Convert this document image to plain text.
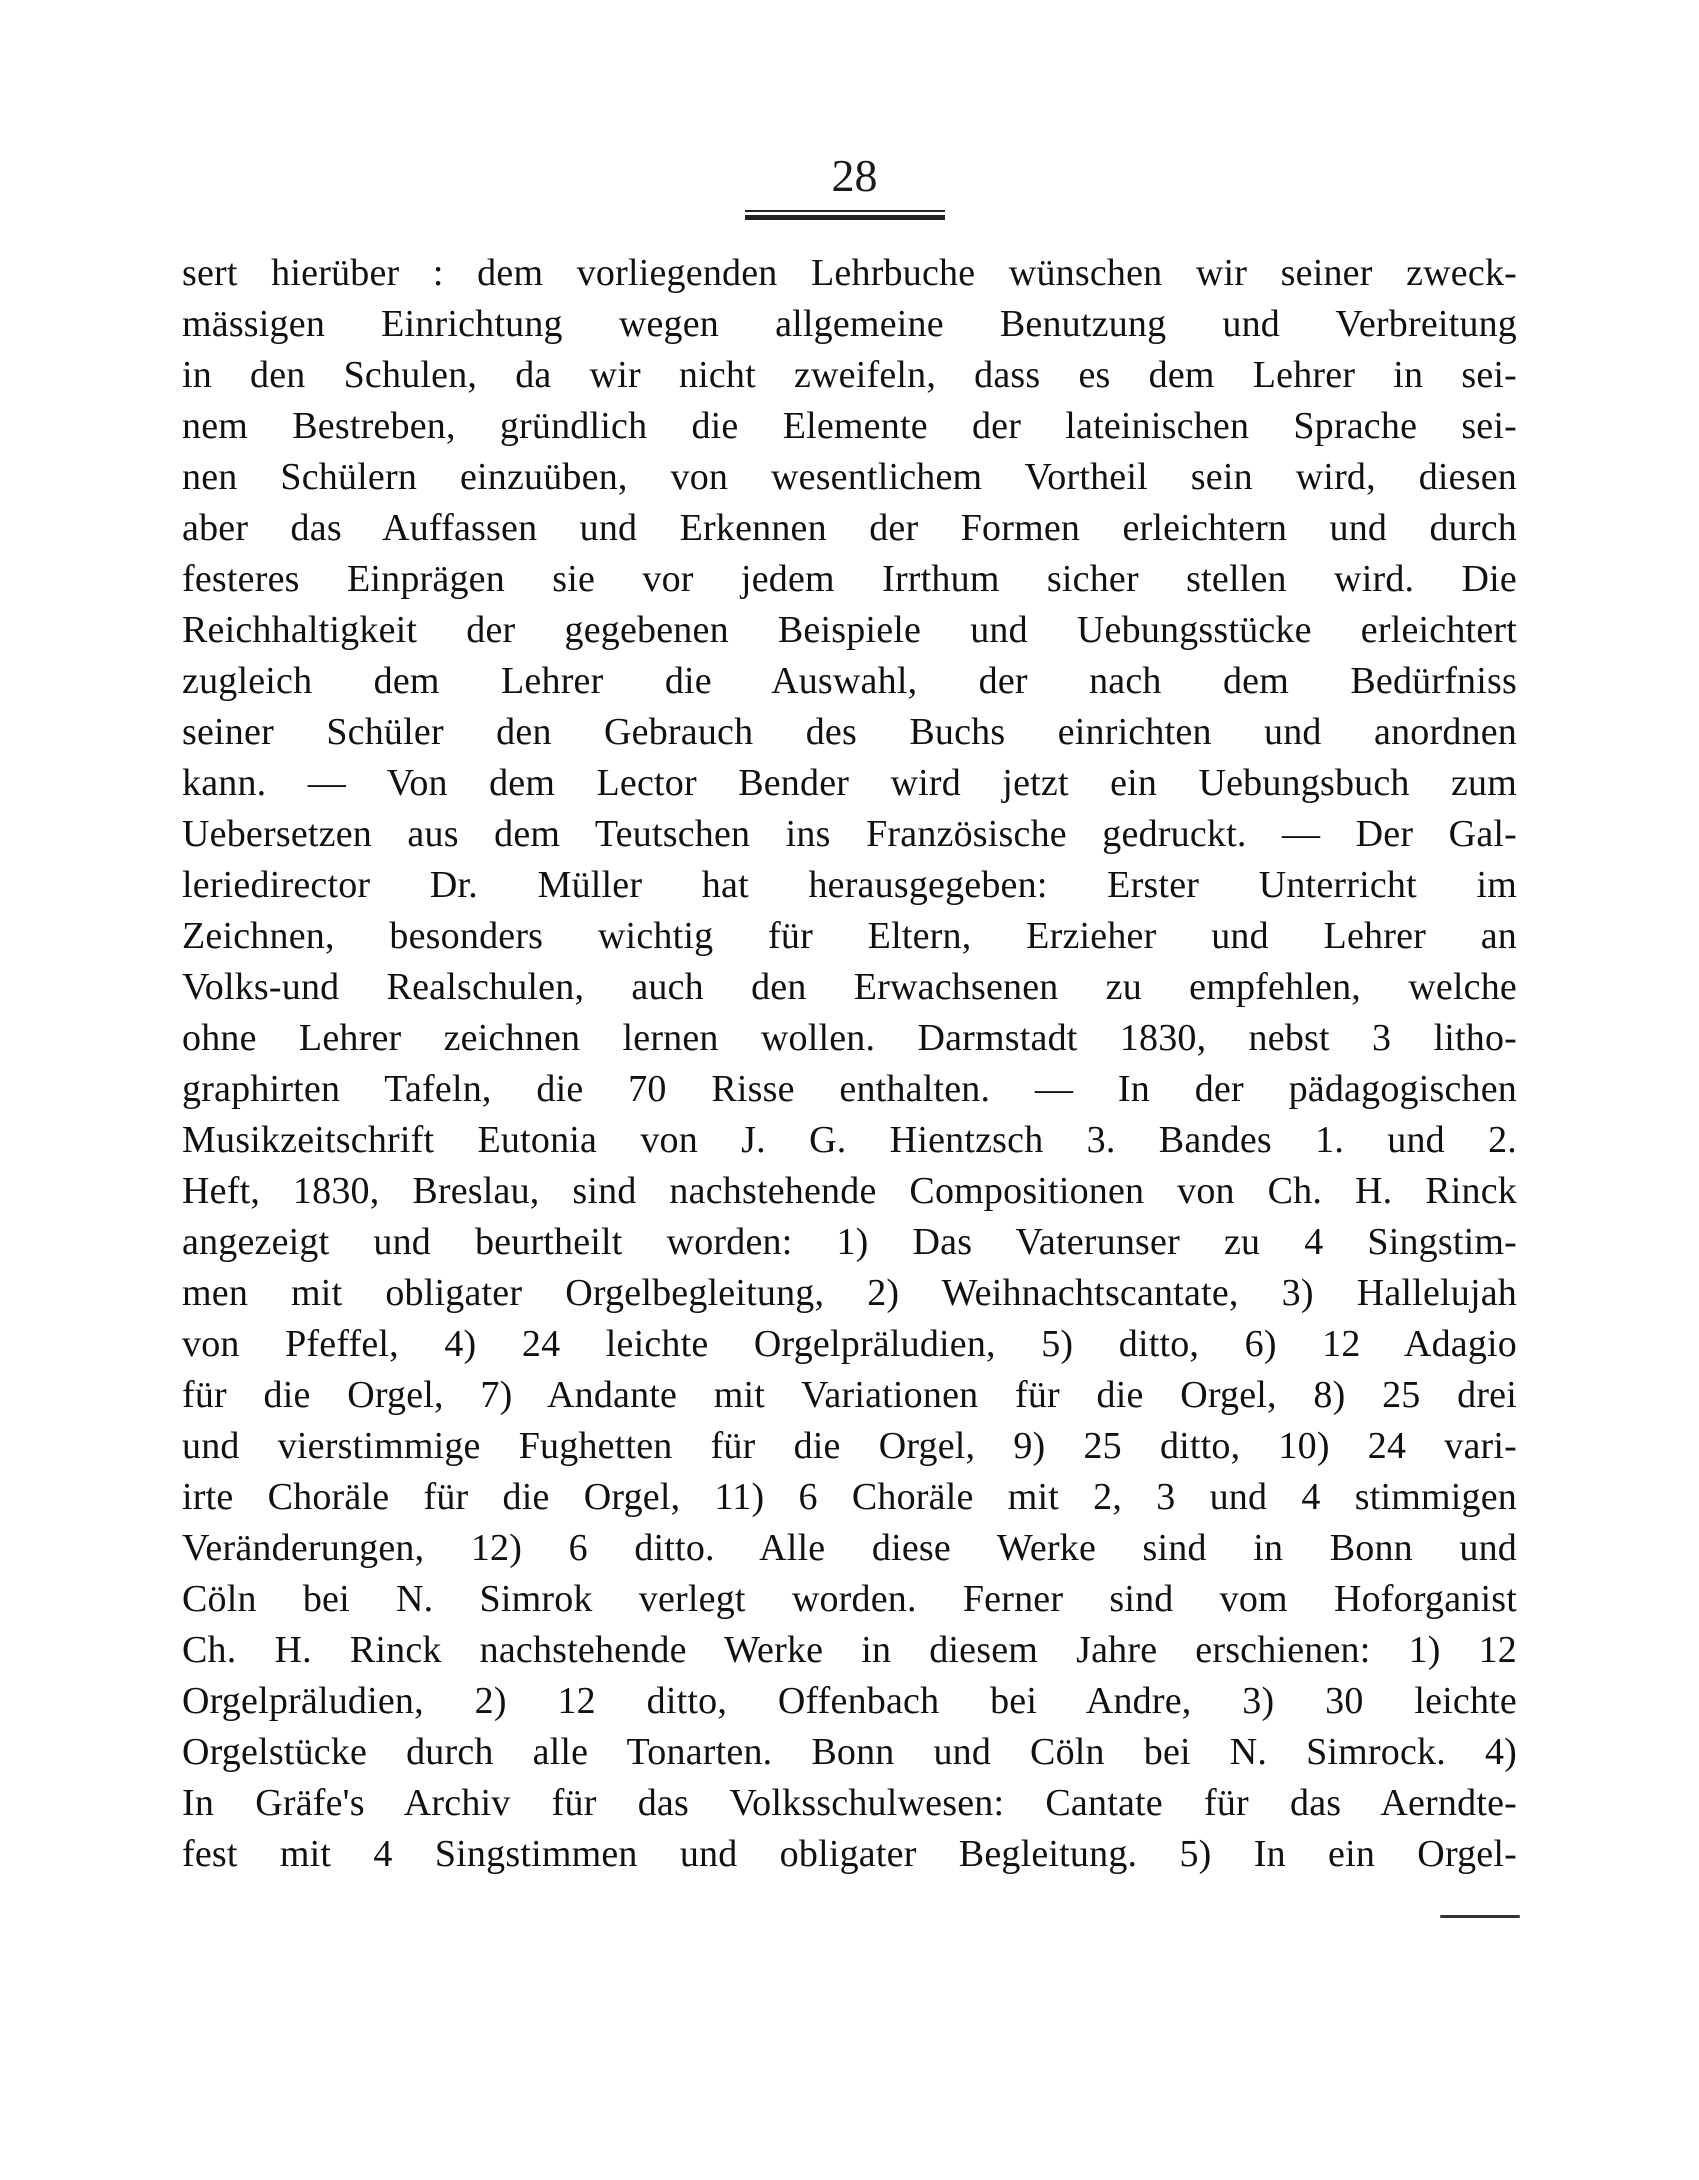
28
sert hierüber : dem vorliegenden Lehrbuche wünschen wir seiner zweck-
mässigen Einrichtung wegen allgemeine Benutzung und Verbreitung
in den Schulen, da wir nicht zweifeln, dass es dem Lehrer in sei-
nem Bestreben, gründlich die Elemente der lateinischen Sprache sei-
nen Schülern einzuüben, von wesentlichem Vortheil sein wird, diesen
aber das Auffassen und Erkennen der Formen erleichtern und durch
festeres Einprägen sie vor jedem Irrthum sicher stellen wird. Die
Reichhaltigkeit der gegebenen Beispiele und Uebungsstücke erleichtert
zugleich dem Lehrer die Auswahl, der nach dem Bedürfniss
seiner Schüler den Gebrauch des Buchs einrichten und anordnen
kann. — Von dem Lector Bender wird jetzt ein Uebungsbuch zum
Uebersetzen aus dem Teutschen ins Französische gedruckt. — Der Gal-
leriedirector Dr. Müller hat herausgegeben: Erster Unterricht im
Zeichnen, besonders wichtig für Eltern, Erzieher und Lehrer an
Volks-und Realschulen, auch den Erwachsenen zu empfehlen, welche
ohne Lehrer zeichnen lernen wollen. Darmstadt 1830, nebst 3 litho-
graphirten Tafeln, die 70 Risse enthalten. — In der pädagogischen
Musikzeitschrift Eutonia von J. G. Hientzsch 3. Bandes 1. und 2.
Heft, 1830, Breslau, sind nachstehende Compositionen von Ch. H. Rinck
angezeigt und beurtheilt worden: 1) Das Vaterunser zu 4 Singstim-
men mit obligater Orgelbegleitung, 2) Weihnachtscantate, 3) Hallelujah
von Pfeffel, 4) 24 leichte Orgelpräludien, 5) ditto, 6) 12 Adagio
für die Orgel, 7) Andante mit Variationen für die Orgel, 8) 25 drei
und vierstimmige Fughetten für die Orgel, 9) 25 ditto, 10) 24 vari-
irte Choräle für die Orgel, 11) 6 Choräle mit 2, 3 und 4 stimmigen
Veränderungen, 12) 6 ditto. Alle diese Werke sind in Bonn und
Cöln bei N. Simrok verlegt worden. Ferner sind vom Hoforganist
Ch. H. Rinck nachstehende Werke in diesem Jahre erschienen: 1) 12
Orgelpräludien, 2) 12 ditto, Offenbach bei Andre, 3) 30 leichte
Orgelstücke durch alle Tonarten. Bonn und Cöln bei N. Simrock. 4)
In Gräfe's Archiv für das Volksschulwesen: Cantate für das Aerndte-
fest mit 4 Singstimmen und obligater Begleitung. 5) In ein Orgel-
